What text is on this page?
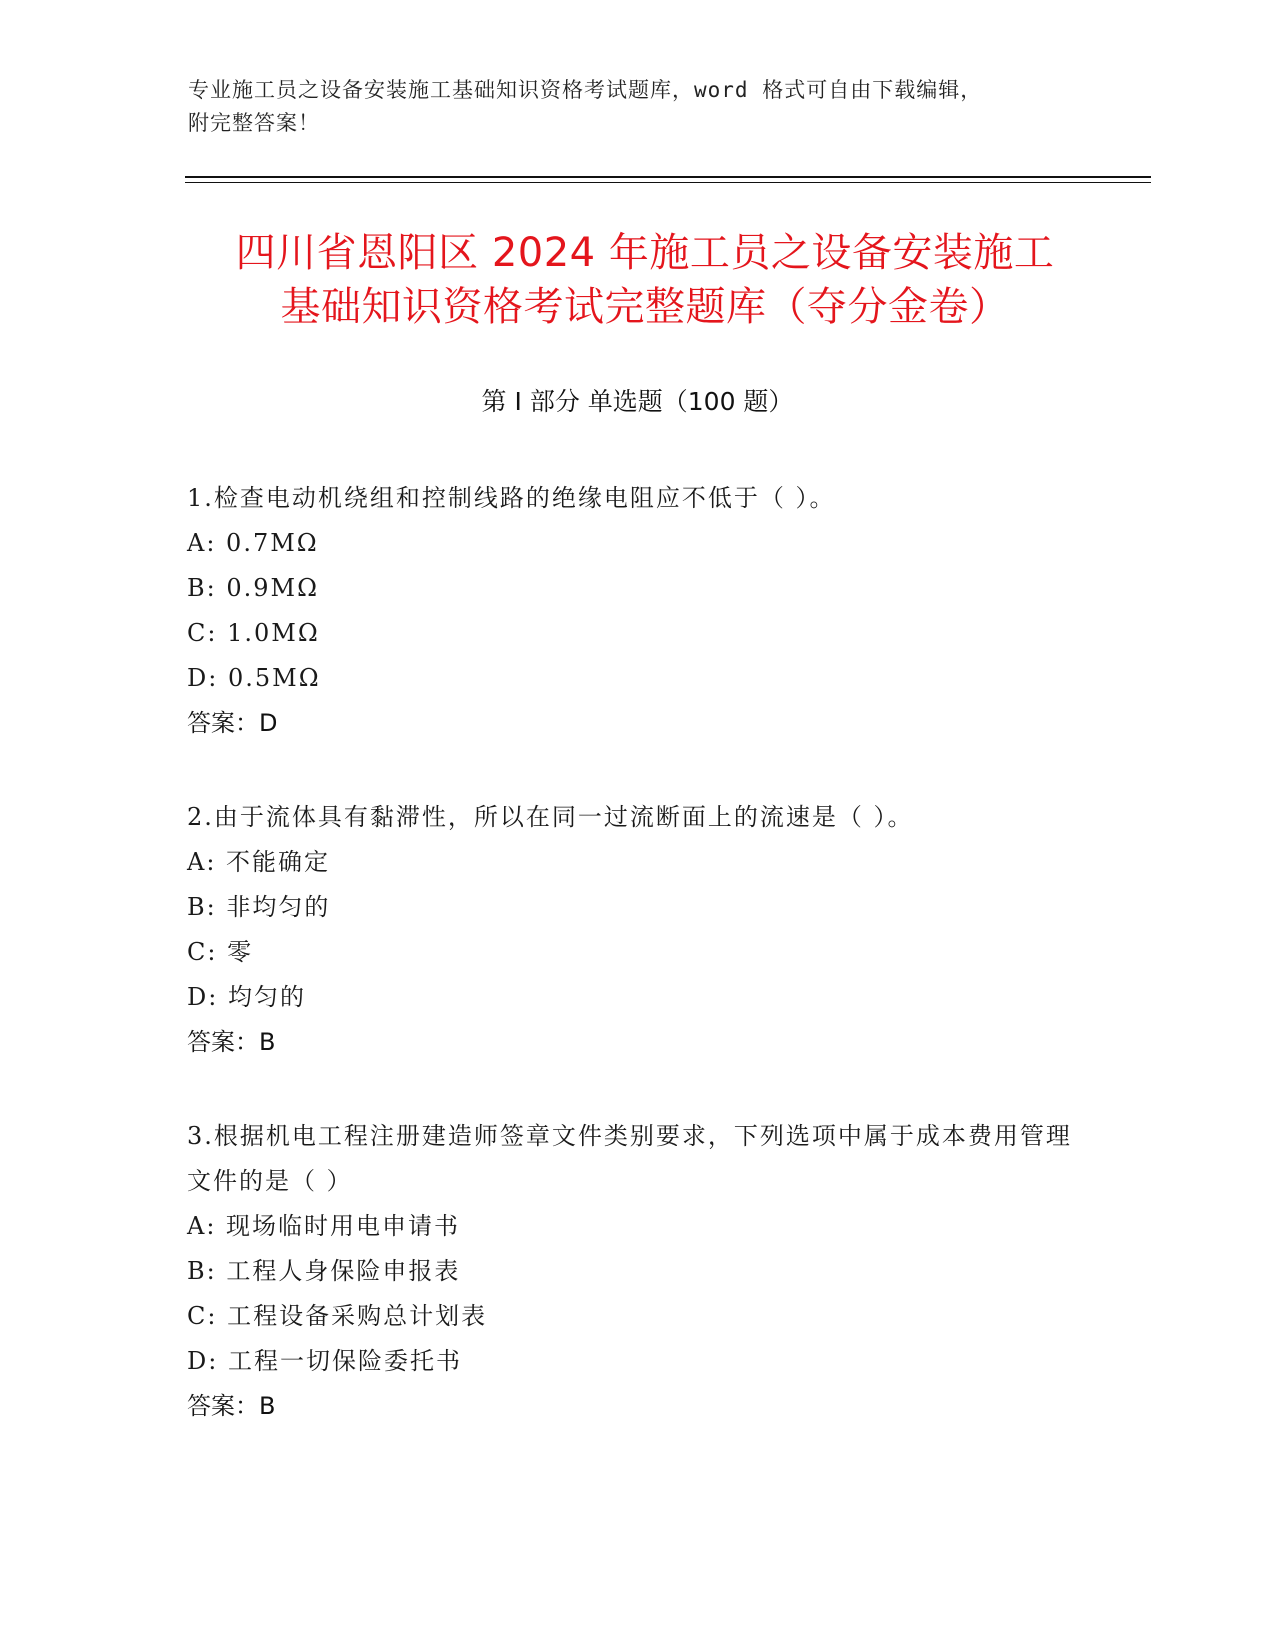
专业施工员之设备安装施工基础知识资格考试题库，word 格式可自由下载编辑，
附完整答案！
四川省恩阳区 2024 年施工员之设备安装施工
基础知识资格考试完整题库（夺分金卷）
第 I 部分 单选题（100 题）
1.检查电动机绕组和控制线路的绝缘电阻应不低于（ ）。
A: 0.7MΩ
B: 0.9MΩ
C: 1.0MΩ
D: 0.5MΩ
答案：D
2.由于流体具有黏滞性，所以在同一过流断面上的流速是（ ）。
A: 不能确定
B: 非均匀的
C: 零
D: 均匀的
答案：B
3.根据机电工程注册建造师签章文件类别要求，下列选项中属于成本费用管理文件的是（ ）
A: 现场临时用电申请书
B: 工程人身保险申报表
C: 工程设备采购总计划表
D: 工程一切保险委托书
答案：B
